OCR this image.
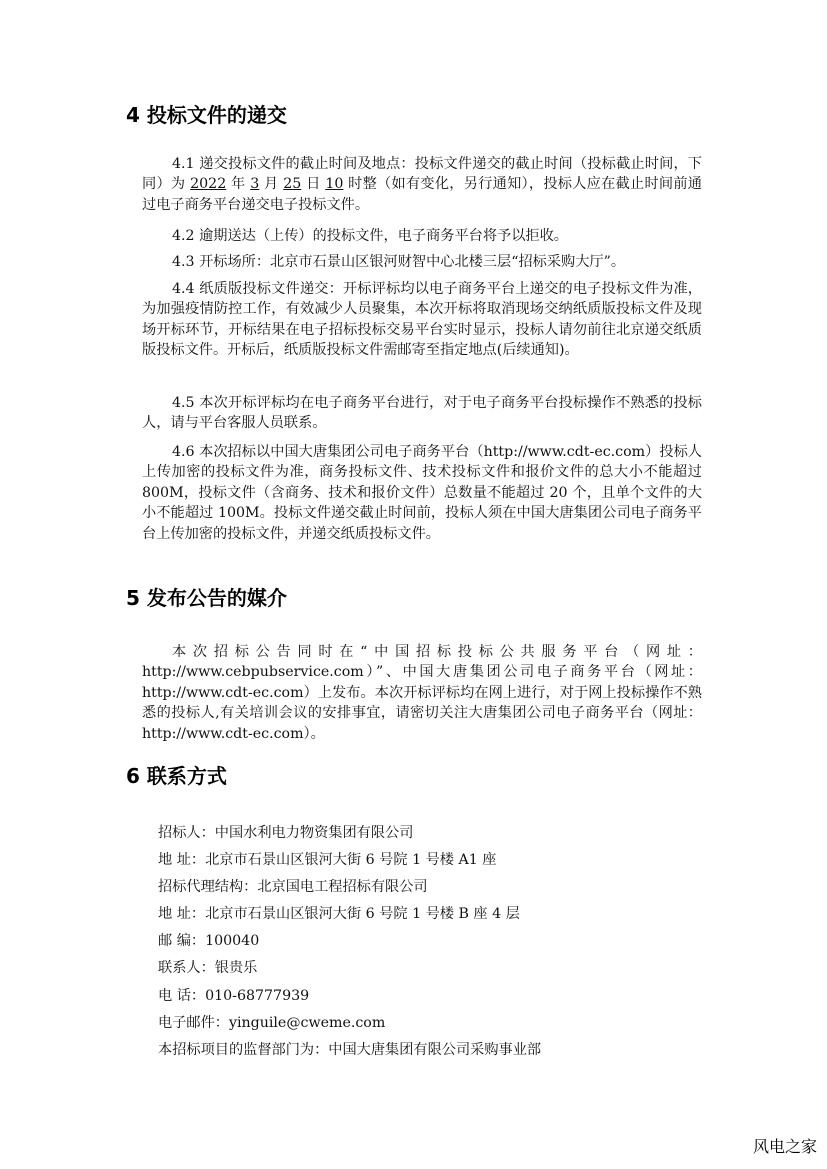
4 投标文件的递交

4.1 递交投标文件的截止时间及地点：投标文件递交的截止时间（投标截止时间，下同）为 2022 年 3 月 25 日 10 时整（如有变化，另行通知），投标人应在截止时间前通过电子商务平台递交电子投标文件。

4.2 逾期送达（上传）的投标文件，电子商务平台将予以拒收。

4.3 开标场所：北京市石景山区银河财智中心北楼三层“招标采购大厅”。

4.4 纸质版投标文件递交：开标评标均以电子商务平台上递交的电子投标文件为准，为加强疫情防控工作，有效减少人员聚集，本次开标将取消现场交纳纸质版投标文件及现场开标环节，开标结果在电子招标投标交易平台实时显示，投标人请勿前往北京递交纸质版投标文件。开标后，纸质版投标文件需邮寄至指定地点(后续通知)。

4.5 本次开标评标均在电子商务平台进行，对于电子商务平台投标操作不熟悉的投标人，请与平台客服人员联系。

4.6 本次招标以中国大唐集团公司电子商务平台（http://www.cdt-ec.com）投标人上传加密的投标文件为准，商务投标文件、技术投标文件和报价文件的总大小不能超过 800M，投标文件（含商务、技术和报价文件）总数量不能超过 20 个，且单个文件的大小不能超过 100M。投标文件递交截止时间前，投标人须在中国大唐集团公司电子商务平台上传加密的投标文件，并递交纸质投标文件。

5 发布公告的媒介

本次招标公告同时在“中国招标投标公共服务平台（网址：http://www.cebpubservice.com）”、中国大唐集团公司电子商务平台（网址：http://www.cdt-ec.com）上发布。本次开标评标均在网上进行，对于网上投标操作不熟悉的投标人,有关培训会议的安排事宜，请密切关注大唐集团公司电子商务平台（网址：http://www.cdt-ec.com）。

6 联系方式

招标人：中国水利电力物资集团有限公司

地 址：北京市石景山区银河大街 6 号院 1 号楼 A1 座

招标代理结构：北京国电工程招标有限公司

地 址：北京市石景山区银河大街 6 号院 1 号楼 B 座 4 层

邮 编：100040

联系人：银贵乐

电 话：010-68777939

电子邮件：yinguile@cweme.com

本招标项目的监督部门为：中国大唐集团有限公司采购事业部

风电之家
